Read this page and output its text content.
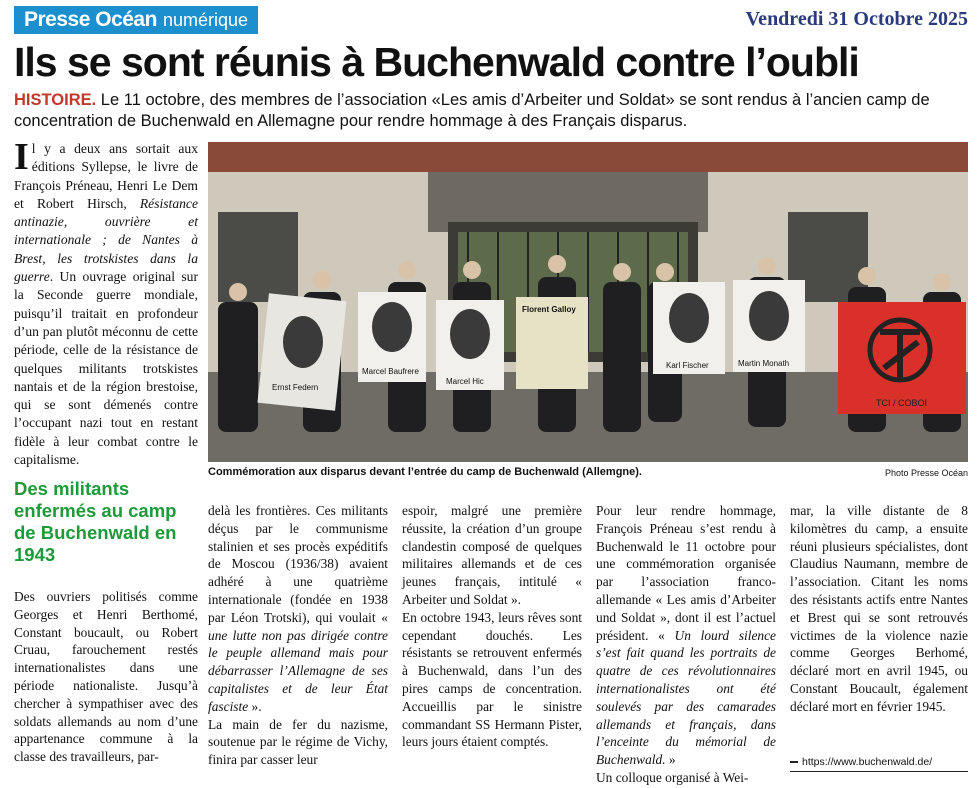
Presse Océan numérique	Vendredi 31 Octobre 2025
Ils se sont réunis à Buchenwald contre l’oubli
HISTOIRE. Le 11 octobre, des membres de l’association «Les amis d’Arbeiter und Soldat» se sont rendus à l’ancien camp de concentration de Buchenwald en Allemagne pour rendre hommage à des Français disparus.
Il y a deux ans sortait aux éditions Syllepse, le livre de François Préneau, Henri Le Dem et Robert Hirsch, Résistance antinazie, ouvrière et internationale ; de Nantes à Brest, les trotskistes dans la guerre. Un ouvrage original sur la Seconde guerre mondiale, puisqu’il traitait en profondeur d’un pan plutôt méconnu de cette période, celle de la résistance de quelques militants trotskistes nantais et de la région brestoise, qui se sont démenés contre l’occupant nazi tout en restant fidèle à leur combat contre le capitalisme.
Des militants enfermés au camp de Buchenwald en 1943
Ernst Federn
Marcel Baufrere
Marcel Hic
Florent Galloy
Karl Fischer	Martin Monath
TCI / COBOI
Commémoration aux disparus devant l’entrée du camp de Buchenwald (Allemgne).	Photo Presse Océan
Des ouvriers politisés comme Georges et Henri Berthomé, Constant boucault, ou Robert Cruau, farouchement restés internationalistes dans une période nationaliste. Jusqu’à chercher à sympathiser avec des soldats allemands au nom d’une appartenance commune à la classe des travailleurs, par-
delà les frontières. Ces militants déçus par le communisme stalinien et ses procès expéditifs de Moscou (1936/38) avaient adhéré à une quatrième internationale (fondée en 1938 par Léon Trotski), qui voulait « une lutte non pas dirigée contre le peuple allemand mais pour débarrasser l’Allemagne de ses capitalistes et de leur État fasciste ».
La main de fer du nazisme, soutenue par le régime de Vichy, finira par casser leur
espoir, malgré une première réussite, la création d’un groupe clandestin composé de quelques militaires allemands et de ces jeunes français, intitulé « Arbeiter und Soldat ».
En octobre 1943, leurs rêves sont cependant douchés. Les résistants se retrouvent enfermés à Buchenwald, dans l’un des pires camps de concentration. Accueillis par le sinistre commandant SS Hermann Pister, leurs jours étaient comptés.
Pour leur rendre hommage, François Préneau s’est rendu à Buchenwald le 11 octobre pour une commémoration organisée par l’association franco-allemande « Les amis d’Arbeiter und Soldat », dont il est l’actuel président. « Un lourd silence s’est fait quand les portraits de quatre de ces révolutionnaires internationalistes ont été soulevés par des camarades allemands et français, dans l’enceinte du mémorial de Buchenwald. »
Un colloque organisé à Wei-
mar, la ville distante de 8 kilomètres du camp, a ensuite réuni plusieurs spécialistes, dont Claudius Naumann, membre de l’association. Citant les noms des résistants actifs entre Nantes et Brest qui se sont retrouvés victimes de la violence nazie comme Georges Berhomé, déclaré mort en avril 1945, ou Constant Boucault, également déclaré mort en février 1945.
https://www.buchenwald.de/
